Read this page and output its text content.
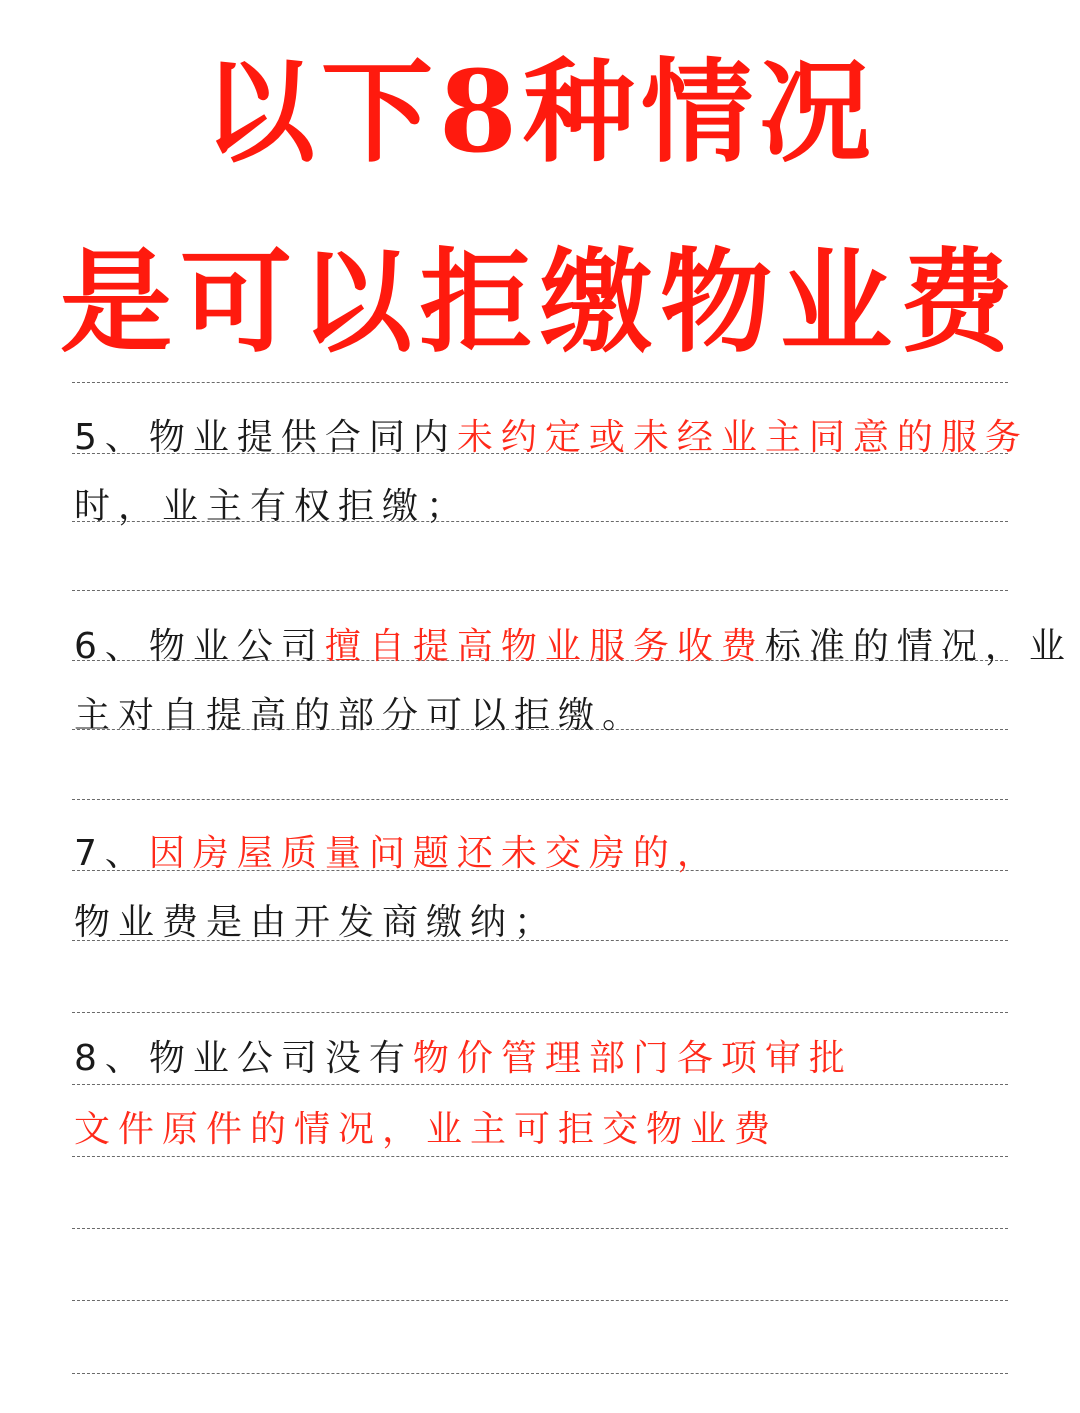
以下8种情况
是可以拒缴物业费
5、物业提供合同内未约定或未经业主同意的服务
时，业主有权拒缴；
6、物业公司擅自提高物业服务收费标准的情况，业
主对自提高的部分可以拒缴。
7、因房屋质量问题还未交房的，
物业费是由开发商缴纳；
8、物业公司没有物价管理部门各项审批
文件原件的情况，业主可拒交物业费
